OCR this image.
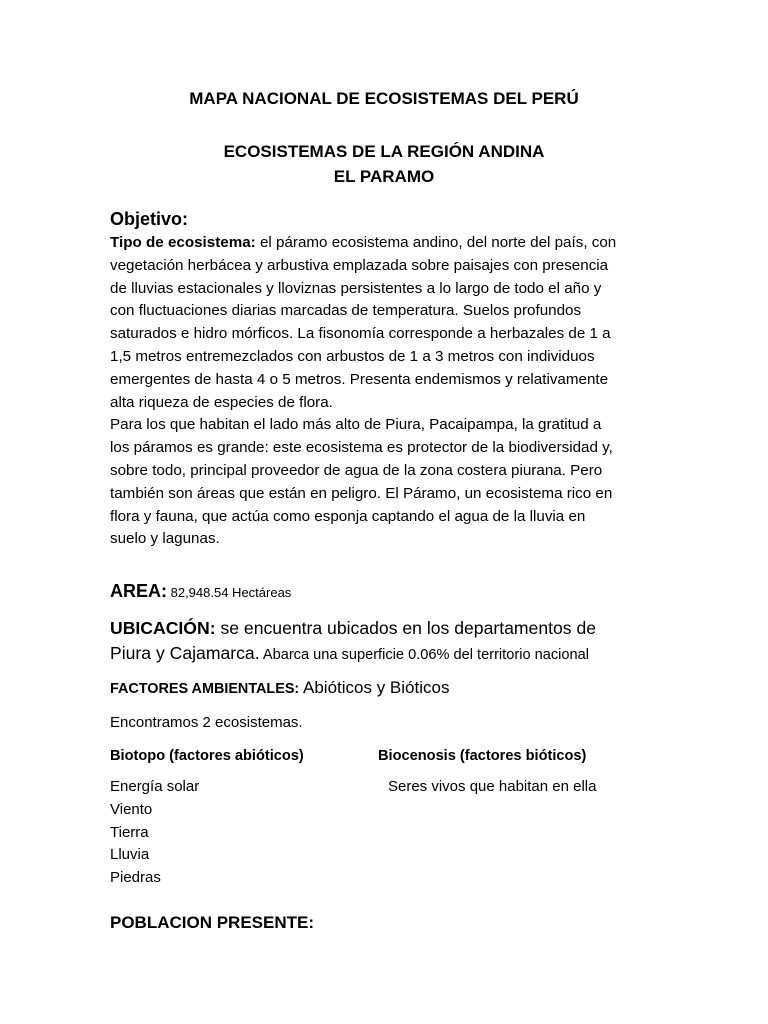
MAPA NACIONAL DE ECOSISTEMAS DEL PERÚ
ECOSISTEMAS DE LA REGIÓN ANDINA
EL PARAMO
Objetivo:
Tipo de ecosistema: el páramo ecosistema andino, del norte del país, con
vegetación herbácea y arbustiva emplazada sobre paisajes con presencia
de lluvias estacionales y lloviznas persistentes a lo largo de todo el año y
con fluctuaciones diarias marcadas de temperatura. Suelos profundos
saturados e hidro mórficos. La fisonomía corresponde a herbazales de 1 a
1,5 metros entremezclados con arbustos de 1 a 3 metros con individuos
emergentes de hasta 4 o 5 metros. Presenta endemismos y relativamente
alta riqueza de especies de flora.
Para los que habitan el lado más alto de Piura, Pacaipampa, la gratitud a
los páramos es grande: este ecosistema es protector de la biodiversidad y,
sobre todo, principal proveedor de agua de la zona costera piurana. Pero
también son áreas que están en peligro. El Páramo, un ecosistema rico en
flora y fauna, que actúa como esponja captando el agua de la lluvia en
suelo y lagunas.
AREA: 82,948.54 Hectáreas
UBICACIÓN: se encuentra ubicados en los departamentos de
Piura y Cajamarca. Abarca una superficie 0.06% del territorio nacional
FACTORES AMBIENTALES: Abióticos y Bióticos
Encontramos 2 ecosistemas.
Biotopo (factores abióticos)	Biocenosis (factores bióticos)
Energía solar
Viento
Tierra
Lluvia
Piedras
Seres vivos que habitan en ella
POBLACION PRESENTE:
